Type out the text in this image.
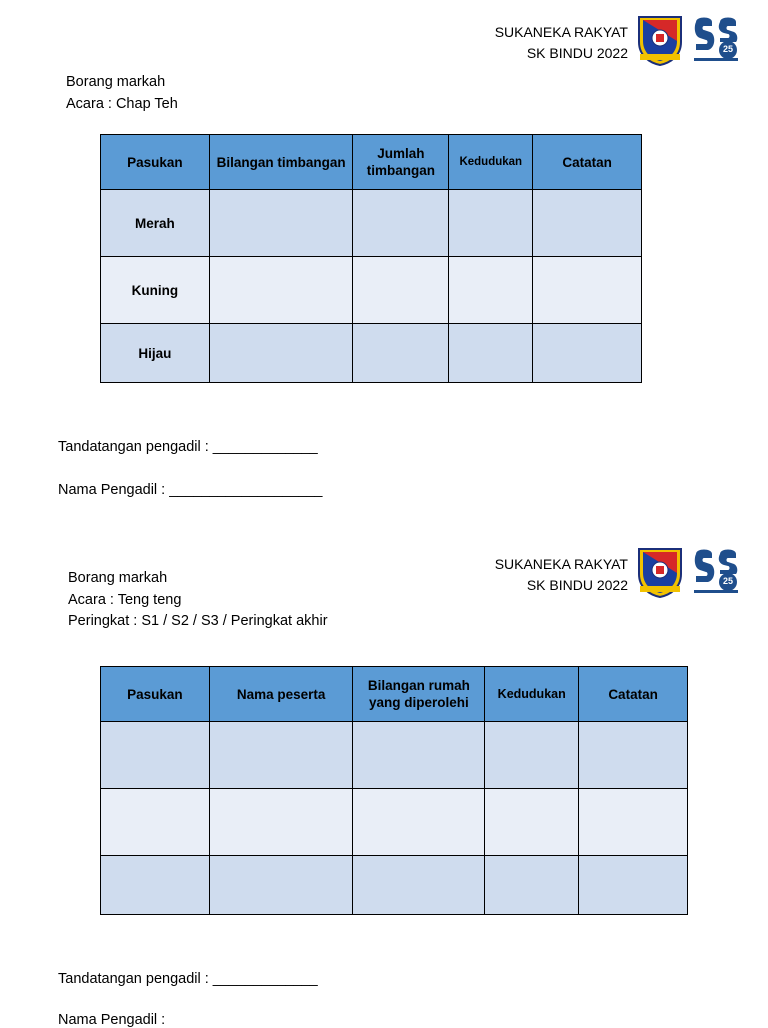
SUKANEKA RAKYAT
SK BINDU 2022	25
Borang markah
Acara : Chap Teh
Pasukan	Bilangan timbangan	Jumlah timbangan	Kedudukan	Catatan
Merah				
Kuning				
Hijau				
Tandatangan pengadil : _____________
Nama Pengadil : ___________________
SUKANEKA RAKYAT
SK BINDU 2022	25
Borang markah
Acara : Teng teng
Peringkat : S1 / S2 / S3 / Peringkat akhir
Pasukan	Nama peserta	Bilangan rumah yang diperolehi	Kedudukan	Catatan

Tandatangan pengadil : _____________
Nama Pengadil :
